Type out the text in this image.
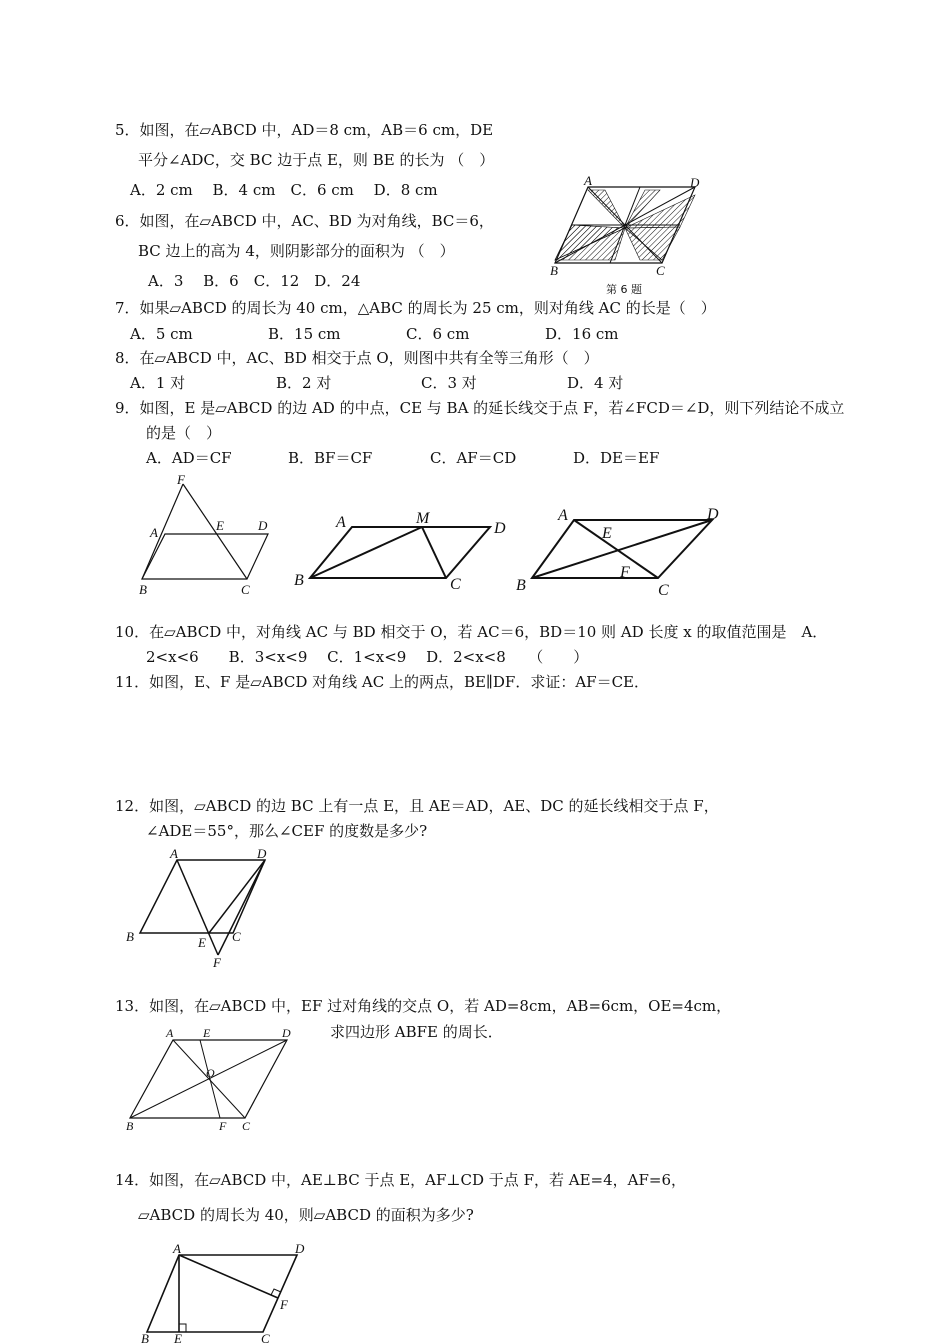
5．如图，在▱ABCD 中，AD＝8 cm，AB＝6 cm，DE
平分∠ADC，交 BC 边于点 E，则 BE 的长为 （　）
A．2 cm　 B．4 cm　C．6 cm　 D．8 cm
6．如图，在▱ABCD 中，AC、BD 为对角线，BC＝6，
BC 边上的高为 4，则阴影部分的面积为 （　）
A．3　 B．6　C．12　D．24
A	D
B	C
第 6 题
7．如果▱ABCD 的周长为 40 cm，△ABC 的周长为 25 cm，则对角线 AC 的长是（　）
A．5 cm	B．15 cm	C．6 cm	D．16 cm
8．在▱ABCD 中，AC、BD 相交于点 O，则图中共有全等三角形（　）
A．1 对	B．2 对	C．3 对	D．4 对
9．如图，E 是▱ABCD 的边 AD 的中点，CE 与 BA 的延长线交于点 F，若∠FCD＝∠D，则下列结论不成立
的是（　）
A．AD＝CF	B．BF＝CF	C．AF＝CD	D．DE＝EF
F
A	E	D
B	C
A	M
D
B	C
A
E
D
F
B	C
10．在▱ABCD 中，对角线 AC 与 BD 相交于 O，若 AC＝6，BD＝10 则 AD 长度 x 的取值范围是　A．
2<x<6　　B．3<x<9　 C．1<x<9　 D．2<x<8　　（　　）
11．如图，E、F 是▱ABCD 对角线 AC 上的两点，BE∥DF．求证：AF＝CE．
12．如图，▱ABCD 的边 BC 上有一点 E，且 AE＝AD，AE、DC 的延长线相交于点 F，
∠ADE＝55°，那么∠CEF 的度数是多少?
A	D
B	E C
F
13．如图，在▱ABCD 中，EF 过对角线的交点 O，若 AD=8cm，AB=6cm，OE=4cm，
求四边形 ABFE 的周长．
A E	D
O
B	F C
14．如图，在▱ABCD 中，AE⊥BC 于点 E，AF⊥CD 于点 F，若 AE=4，AF=6，
▱ABCD 的周长为 40，则▱ABCD 的面积为多少?
A	D
F
B E	C
